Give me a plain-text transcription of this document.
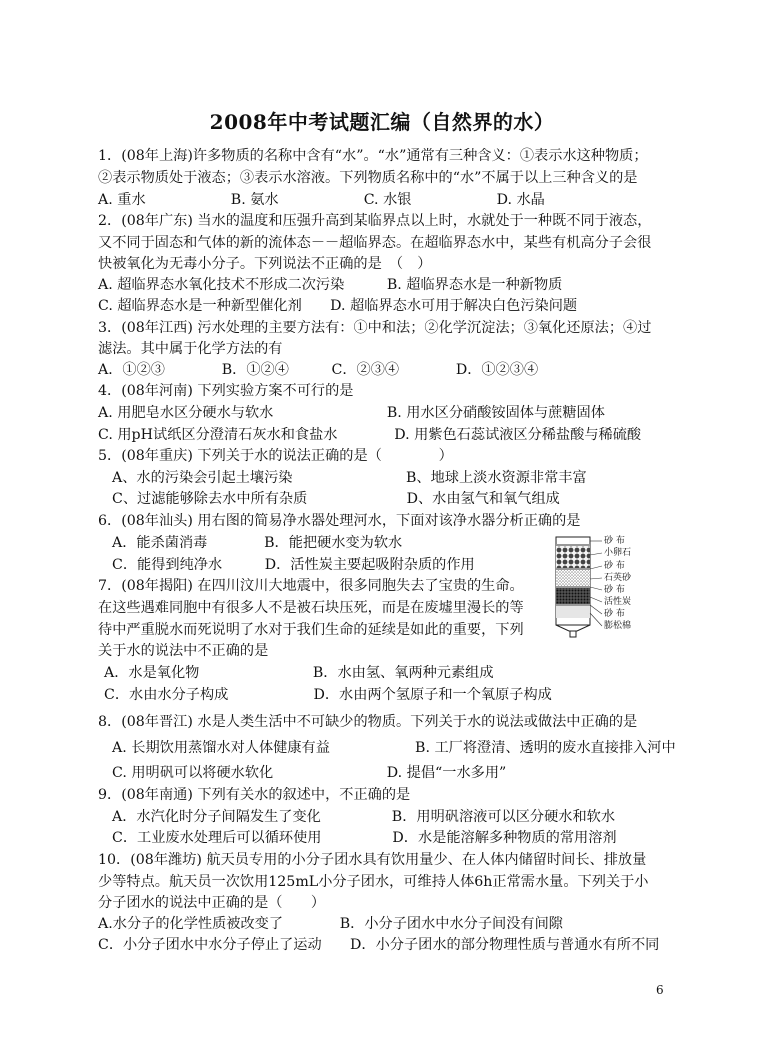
2008年中考试题汇编（自然界的水）
1．(08年上海)许多物质的名称中含有“水”。“水”通常有三种含义：①表示水这种物质；
②表示物质处于液态；③表示水溶液。下列物质名称中的“水”不属于以上三种含义的是
A. 重水　　　　　　B. 氨水　　　　　　C. 水银　　　　　　D. 水晶
2．(08年广东) 当水的温度和压强升高到某临界点以上时，水就处于一种既不同于液态，
又不同于固态和气体的新的流体态－－超临界态。在超临界态水中，某些有机高分子会很
快被氧化为无毒小分子。下列说法不正确的是　（　）
A. 超临界态水氧化技术不形成二次污染　　　B. 超临界态水是一种新物质
C. 超临界态水是一种新型催化剂　　D. 超临界态水可用于解决白色污染问题
3．(08年江西) 污水处理的主要方法有：①中和法；②化学沉淀法；③氧化还原法；④过
滤法。其中属于化学方法的有
A．①②③　　　　B．①②④　　　C．②③④　　　　D．①②③④
4．(08年河南) 下列实验方案不可行的是
A. 用肥皂水区分硬水与软水　　　　　　　　B. 用水区分硝酸铵固体与蔗糖固体
C. 用pH试纸区分澄清石灰水和食盐水　　　　D. 用紫色石蕊试液区分稀盐酸与稀硫酸
5．(08年重庆) 下列关于水的说法正确的是（　　　　）
A、水的污染会引起土壤污染　　　　　　　　B、地球上淡水资源非常丰富
C、过滤能够除去水中所有杂质　　　　　　　D、水由氢气和氧气组成
6．(08年汕头) 用右图的简易净水器处理河水，下面对该净水器分析正确的是
A．能杀菌消毒　　　　B．能把硬水变为软水
C．能得到纯净水　　　D．活性炭主要起吸附杂质的作用
7．(08年揭阳) 在四川汶川大地震中，很多同胞失去了宝贵的生命。
在这些遇难同胞中有很多人不是被石块压死，而是在废墟里漫长的等
待中严重脱水而死说明了水对于我们生命的延续是如此的重要，下列
关于水的说法中不正确的是
A．水是氧化物　　　　　　　　B．水由氢、氧两种元素组成
C．水由水分子构成　　　　　　D．水由两个氢原子和一个氧原子构成
8．(08年晋江) 水是人类生活中不可缺少的物质。下列关于水的说法或做法中正确的是
A. 长期饮用蒸馏水对人体健康有益　　　　　　B. 工厂将澄清、透明的废水直接排入河中
C. 用明矾可以将硬水软化　　　　　　　　D. 提倡“一水多用”
9．(08年南通) 下列有关水的叙述中，不正确的是
A．水汽化时分子间隔发生了变化　　　　　B．用明矾溶液可以区分硬水和软水
C．工业废水处理后可以循环使用　　　　　D．水是能溶解多种物质的常用溶剂
10．(08年潍坊) 航天员专用的小分子团水具有饮用量少、在人体内储留时间长、排放量
少等特点。航天员一次饮用125mL小分子团水，可维持人体6h正常需水量。下列关于小
分子团水的说法中正确的是（　　）
A.水分子的化学性质被改变了　　　　B．小分子团水中水分子间没有间隙
C．小分子团水中水分子停止了运动　　D．小分子团水的部分物理性质与普通水有所不同
砂 布
小卵石
砂 布
石英砂
砂 布
活性炭
砂 布
膨松棉
6
